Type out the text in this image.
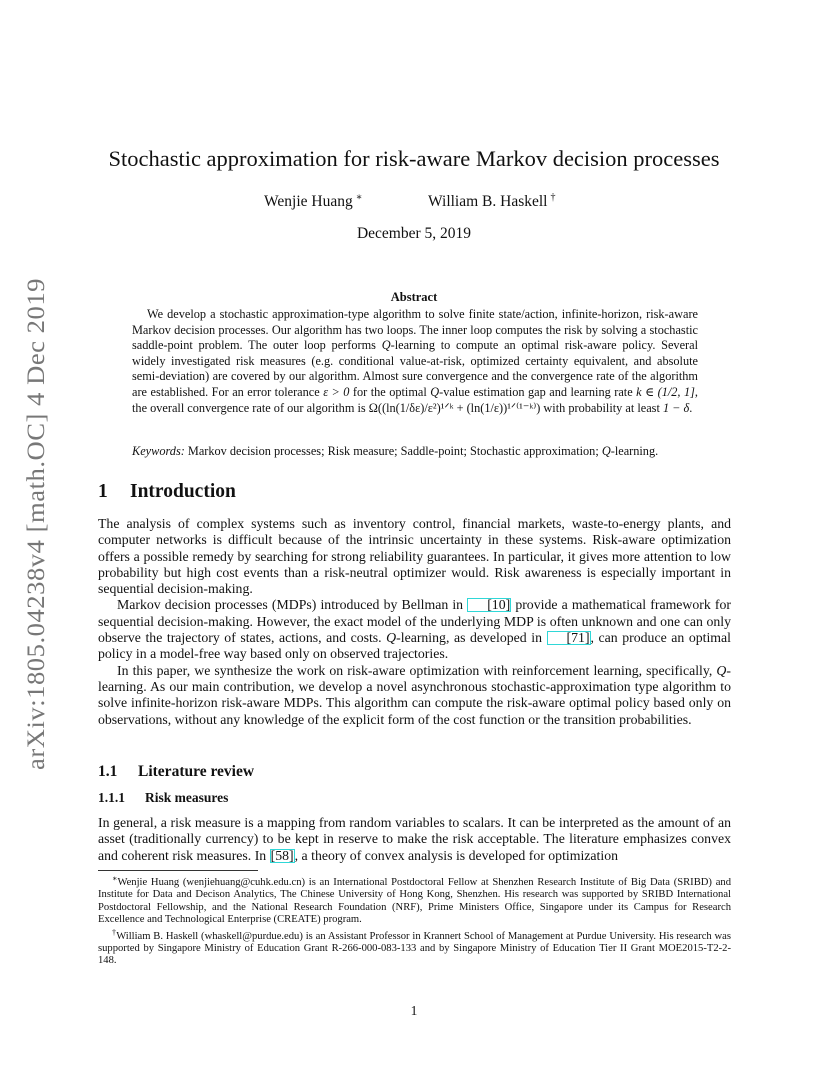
arXiv:1805.04238v4 [math.OC] 4 Dec 2019
Stochastic approximation for risk-aware Markov decision processes
Wenjie Huang ∗	William B. Haskell †
December 5, 2019
Abstract
We develop a stochastic approximation-type algorithm to solve finite state/action, infinite-horizon, risk-aware Markov decision processes. Our algorithm has two loops. The inner loop computes the risk by solving a stochastic saddle-point problem. The outer loop performs Q-learning to compute an optimal risk-aware policy. Several widely investigated risk measures (e.g. conditional value-at-risk, optimized certainty equivalent, and absolute semi-deviation) are covered by our algorithm. Almost sure convergence and the convergence rate of the algorithm are established. For an error tolerance ε > 0 for the optimal Q-value estimation gap and learning rate k ∈ (1/2, 1], the overall convergence rate of our algorithm is Ω((ln(1/δε)/ε²)¹ᐟᵏ + (ln(1/ε))¹ᐟ⁽¹⁻ᵏ⁾) with probability at least 1 − δ.
Keywords: Markov decision processes; Risk measure; Saddle-point; Stochastic approximation; Q-learning.
1 Introduction

The analysis of complex systems such as inventory control, financial markets, waste-to-energy plants, and computer networks is difficult because of the intrinsic uncertainty in these systems. Risk-aware optimization offers a possible remedy by searching for strong reliability guarantees. In particular, it gives more attention to low probability but high cost events than a risk-neutral optimizer would. Risk awareness is especially important in sequential decision-making.

Markov decision processes (MDPs) introduced by Bellman in [10] provide a mathematical framework for sequential decision-making. However, the exact model of the underlying MDP is often unknown and one can only observe the trajectory of states, actions, and costs. Q-learning, as developed in [71], can produce an optimal policy in a model-free way based only on observed trajectories.

In this paper, we synthesize the work on risk-aware optimization with reinforcement learning, specifically, Q-learning. As our main contribution, we develop a novel asynchronous stochastic-approximation type algorithm to solve infinite-horizon risk-aware MDPs. This algorithm can compute the risk-aware optimal policy based only on observations, without any knowledge of the explicit form of the cost function or the transition probabilities.

1.1 Literature review
1.1.1 Risk measures

In general, a risk measure is a mapping from random variables to scalars. It can be interpreted as the amount of an asset (traditionally currency) to be kept in reserve to make the risk acceptable. The literature emphasizes convex and coherent risk measures. In [58], a theory of convex analysis is developed for optimization

∗Wenjie Huang (wenjiehuang@cuhk.edu.cn) is an International Postdoctoral Fellow at Shenzhen Research Institute of Big Data (SRIBD) and Institute for Data and Decison Analytics, The Chinese University of Hong Kong, Shenzhen. His research was supported by SRIBD International Postdoctoral Fellowship, and the National Research Foundation (NRF), Prime Ministers Office, Singapore under its Campus for Research Excellence and Technological Enterprise (CREATE) program.

†William B. Haskell (whaskell@purdue.edu) is an Assistant Professor in Krannert School of Management at Purdue University. His research was supported by Singapore Ministry of Education Grant R-266-000-083-133 and by Singapore Ministry of Education Tier II Grant MOE2015-T2-2-148.

1
